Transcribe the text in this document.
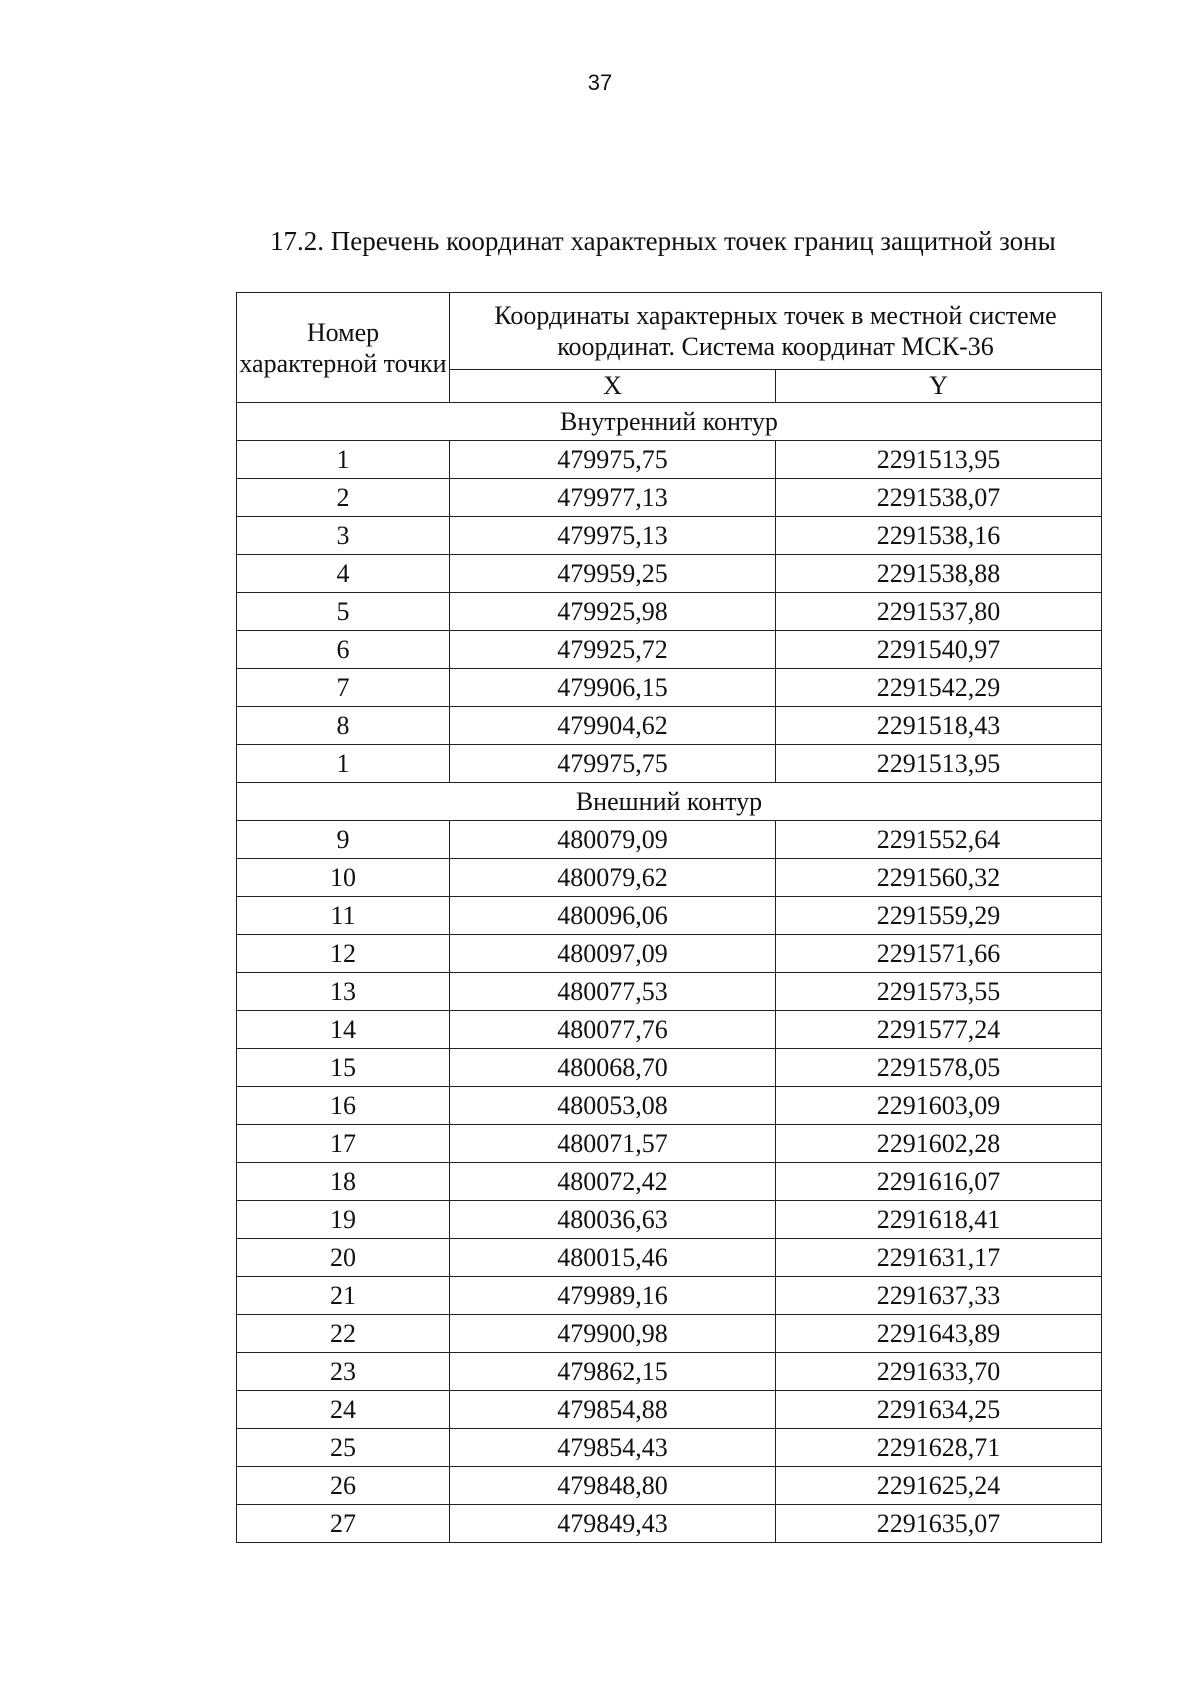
37
17.2. Перечень координат характерных точек границ защитной зоны
Номер характерной точки	Координаты характерных точек в местной системе координат. Система координат МСК-36	
	X	Y
Внутренний контур		
1	479975,75	2291513,95
2	479977,13	2291538,07
3	479975,13	2291538,16
4	479959,25	2291538,88
5	479925,98	2291537,80
6	479925,72	2291540,97
7	479906,15	2291542,29
8	479904,62	2291518,43
1	479975,75	2291513,95
Внешний контур		
9	480079,09	2291552,64
10	480079,62	2291560,32
11	480096,06	2291559,29
12	480097,09	2291571,66
13	480077,53	2291573,55
14	480077,76	2291577,24
15	480068,70	2291578,05
16	480053,08	2291603,09
17	480071,57	2291602,28
18	480072,42	2291616,07
19	480036,63	2291618,41
20	480015,46	2291631,17
21	479989,16	2291637,33
22	479900,98	2291643,89
23	479862,15	2291633,70
24	479854,88	2291634,25
25	479854,43	2291628,71
26	479848,80	2291625,24
27	479849,43	2291635,07
